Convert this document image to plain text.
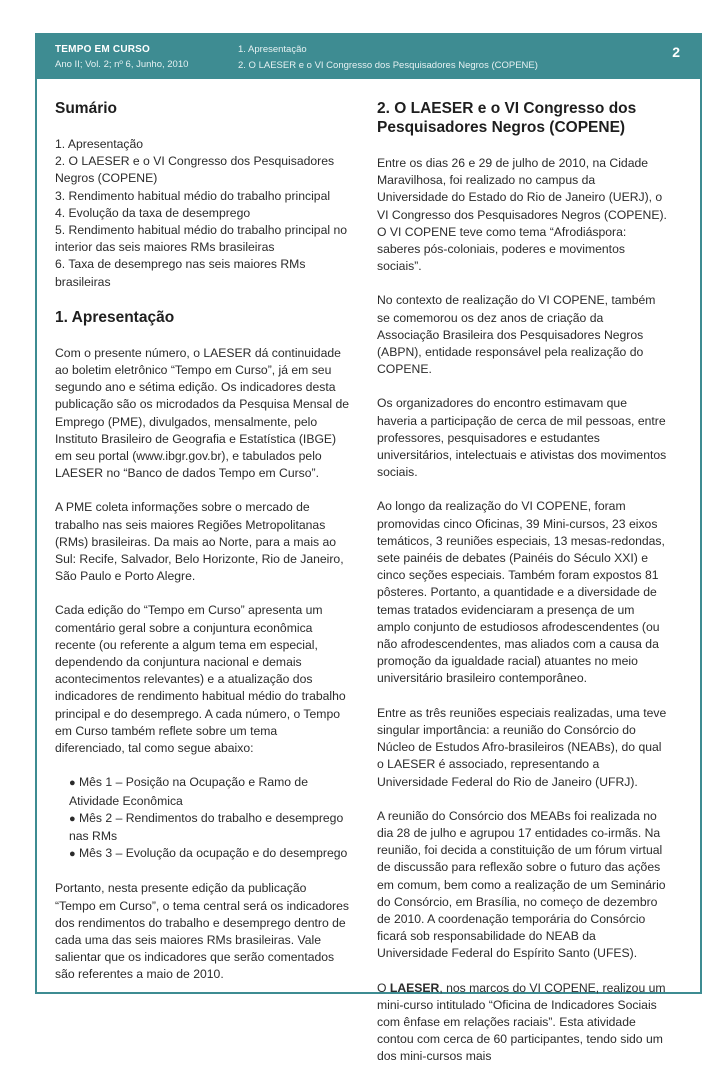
TEMPO EM CURSO
Ano II; Vol. 2; nº 6, Junho, 2010
1. Apresentação
2. O LAESER e o VI Congresso dos Pesquisadores Negros (COPENE)
2
Sumário
1. Apresentação
2. O LAESER e o VI Congresso dos Pesquisadores Negros (COPENE)
3. Rendimento habitual médio do trabalho principal
4. Evolução da taxa de desemprego
5. Rendimento habitual médio do trabalho principal no interior das seis maiores RMs brasileiras
6. Taxa de desemprego nas seis maiores RMs brasileiras
1. Apresentação

Com o presente número, o LAESER dá continuidade ao boletim eletrônico “Tempo em Curso”, já em seu segundo ano e sétima edição. Os indicadores desta publicação são os microdados da Pesquisa Mensal de Emprego (PME), divulgados, mensalmente, pelo Instituto Brasileiro de Geografia e Estatística (IBGE) em seu portal (www.ibgr.gov.br), e tabulados pelo LAESER no “Banco de dados Tempo em Curso”.

A PME coleta informações sobre o mercado de trabalho nas seis maiores Regiões Metropolitanas (RMs) brasileiras. Da mais ao Norte, para a mais ao Sul: Recife, Salvador, Belo Horizonte, Rio de Janeiro, São Paulo e Porto Alegre.

Cada edição do “Tempo em Curso” apresenta um comentário geral sobre a conjuntura econômica recente (ou referente a algum tema em especial, dependendo da conjuntura nacional e demais acontecimentos relevantes) e a atualização dos indicadores de rendimento habitual médio do trabalho principal e do desemprego. A cada número, o Tempo em Curso também reflete sobre um tema diferenciado, tal como segue abaixo:

● Mês 1 – Posição na Ocupação e Ramo de Atividade Econômica
● Mês 2 – Rendimentos do trabalho e desemprego nas RMs
● Mês 3 – Evolução da ocupação e do desemprego

Portanto, nesta presente edição da publicação “Tempo em Curso”, o tema central será os indicadores dos rendimentos do trabalho e desemprego dentro de cada uma das seis maiores RMs brasileiras. Vale salientar que os indicadores que serão comentados são referentes a maio de 2010.

2. O LAESER e o VI Congresso dos Pesquisadores Negros (COPENE)

Entre os dias 26 e 29 de julho de 2010, na Cidade Maravilhosa, foi realizado no campus da Universidade do Estado do Rio de Janeiro (UERJ), o VI Congresso dos Pesquisadores Negros (COPENE). O VI COPENE teve como tema “Afrodiáspora: saberes pós-coloniais, poderes e movimentos sociais”.

No contexto de realização do VI COPENE, também se comemorou os dez anos de criação da Associação Brasileira dos Pesquisadores Negros (ABPN), entidade responsável pela realização do COPENE.

Os organizadores do encontro estimavam que haveria a participação de cerca de mil pessoas, entre professores, pesquisadores e estudantes universitários, intelectuais e ativistas dos movimentos sociais.

Ao longo da realização do VI COPENE, foram promovidas cinco Oficinas, 39 Mini-cursos, 23 eixos temáticos, 3 reuniões especiais, 13 mesas-redondas, sete painéis de debates (Painéis do Século XXI) e cinco seções especiais. Também foram expostos 81 pôsteres. Portanto, a quantidade e a diversidade de temas tratados evidenciaram a presença de um amplo conjunto de estudiosos afrodescendentes (ou não afrodescendentes, mas aliados com a causa da promoção da igualdade racial) atuantes no meio universitário brasileiro contemporâneo.

Entre as três reuniões especiais realizadas, uma teve singular importância: a reunião do Consórcio do Núcleo de Estudos Afro-brasileiros (NEABs), do qual o LAESER é associado, representando a Universidade Federal do Rio de Janeiro (UFRJ).

A reunião do Consórcio dos MEABs foi realizada no dia 28 de julho e agrupou 17 entidades co-irmãs. Na reunião, foi decida a constituição de um fórum virtual de discussão para reflexão sobre o futuro das ações em comum, bem como a realização de um Seminário do Consórcio, em Brasília, no começo de dezembro de 2010. A coordenação temporária do Consórcio ficará sob responsabilidade do NEAB da Universidade Federal do Espírito Santo (UFES).

O LAESER, nos marcos do VI COPENE, realizou um mini-curso intitulado “Oficina de Indicadores Sociais com ênfase em relações raciais”. Esta atividade contou com cerca de 60 participantes, tendo sido um dos mini-cursos mais
